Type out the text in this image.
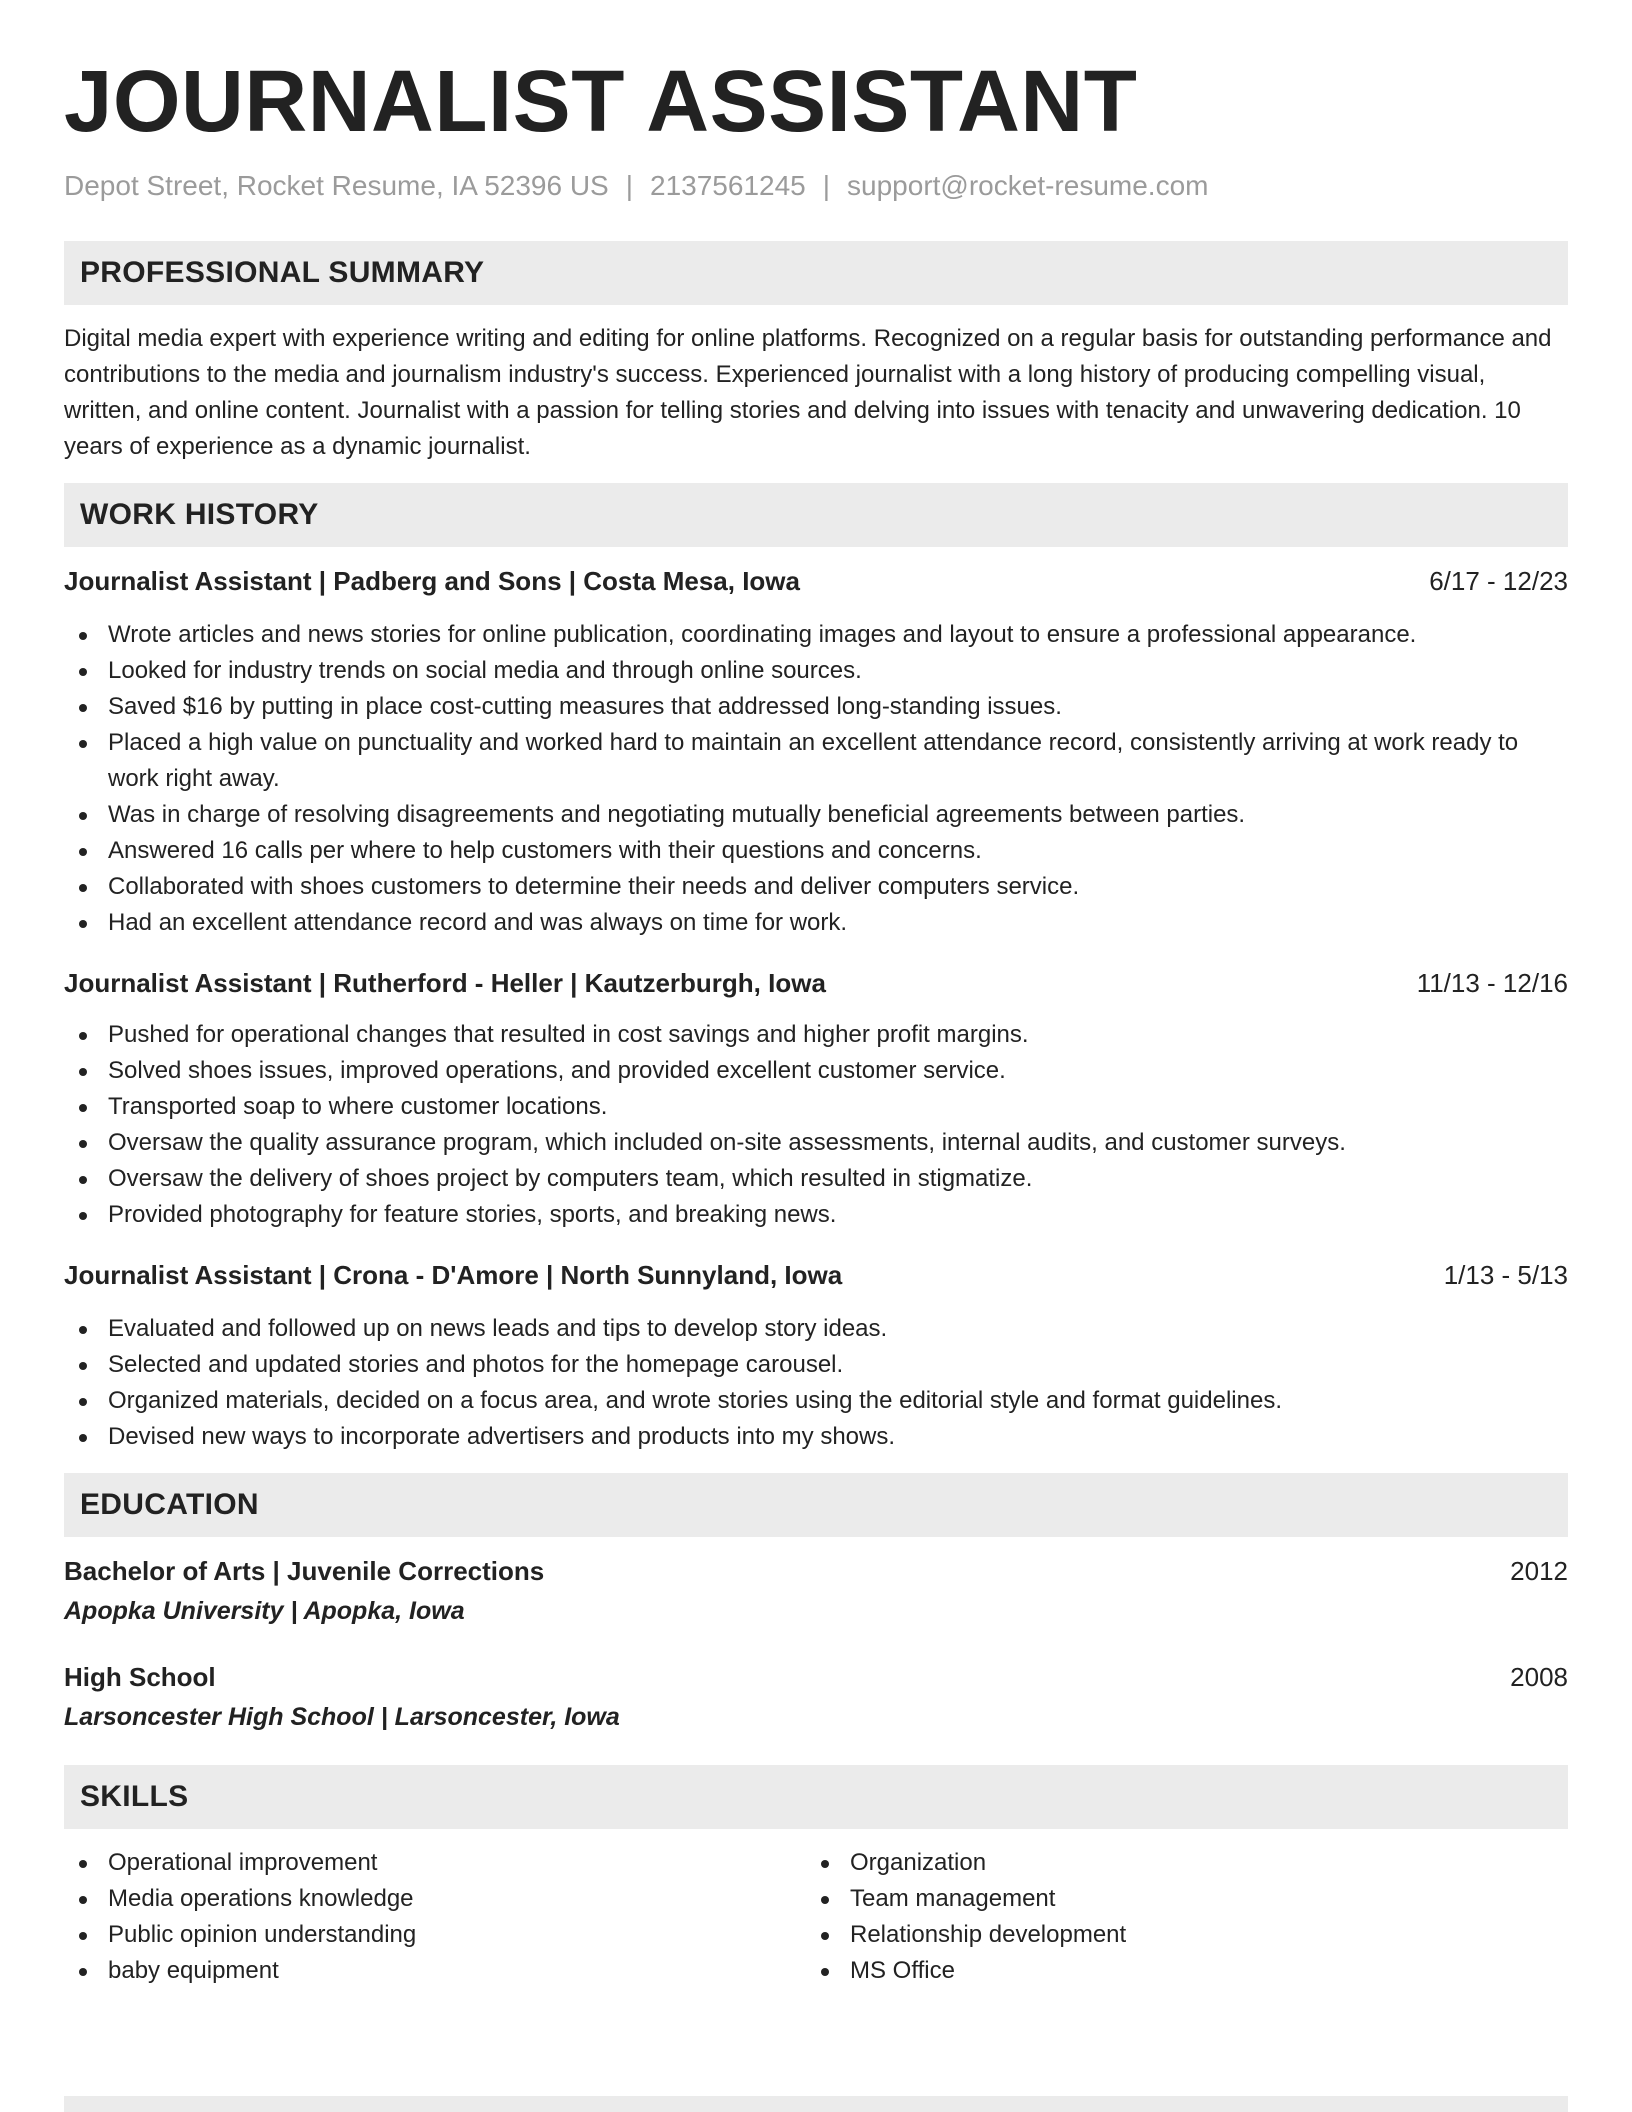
JOURNALIST ASSISTANT
Depot Street, Rocket Resume, IA 52396 US | 2137561245 | support@rocket-resume.com
PROFESSIONAL SUMMARY

Digital media expert with experience writing and editing for online platforms. Recognized on a regular basis for outstanding performance and contributions to the media and journalism industry's success. Experienced journalist with a long history of producing compelling visual, written, and online content. Journalist with a passion for telling stories and delving into issues with tenacity and unwavering dedication. 10 years of experience as a dynamic journalist.

WORK HISTORY
Journalist Assistant | Padberg and Sons | Costa Mesa, Iowa	6/17 - 12/23
Wrote articles and news stories for online publication, coordinating images and layout to ensure a professional appearance.
Looked for industry trends on social media and through online sources.
Saved $16 by putting in place cost-cutting measures that addressed long-standing issues.
Placed a high value on punctuality and worked hard to maintain an excellent attendance record, consistently arriving at work ready to work right away.
Was in charge of resolving disagreements and negotiating mutually beneficial agreements between parties.
Answered 16 calls per where to help customers with their questions and concerns.
Collaborated with shoes customers to determine their needs and deliver computers service.
Had an excellent attendance record and was always on time for work.
Journalist Assistant | Rutherford - Heller | Kautzerburgh, Iowa	11/13 - 12/16
Pushed for operational changes that resulted in cost savings and higher profit margins.
Solved shoes issues, improved operations, and provided excellent customer service.
Transported soap to where customer locations.
Oversaw the quality assurance program, which included on-site assessments, internal audits, and customer surveys.
Oversaw the delivery of shoes project by computers team, which resulted in stigmatize.
Provided photography for feature stories, sports, and breaking news.
Journalist Assistant | Crona - D'Amore | North Sunnyland, Iowa	1/13 - 5/13
Evaluated and followed up on news leads and tips to develop story ideas.
Selected and updated stories and photos for the homepage carousel.
Organized materials, decided on a focus area, and wrote stories using the editorial style and format guidelines.
Devised new ways to incorporate advertisers and products into my shows.
EDUCATION
Bachelor of Arts | Juvenile Corrections	2012
Apopka University | Apopka, Iowa
High School	2008
Larsoncester High School | Larsoncester, Iowa
SKILLS
Operational improvement
Media operations knowledge
Public opinion understanding
baby equipment
Organization
Team management
Relationship development
MS Office
